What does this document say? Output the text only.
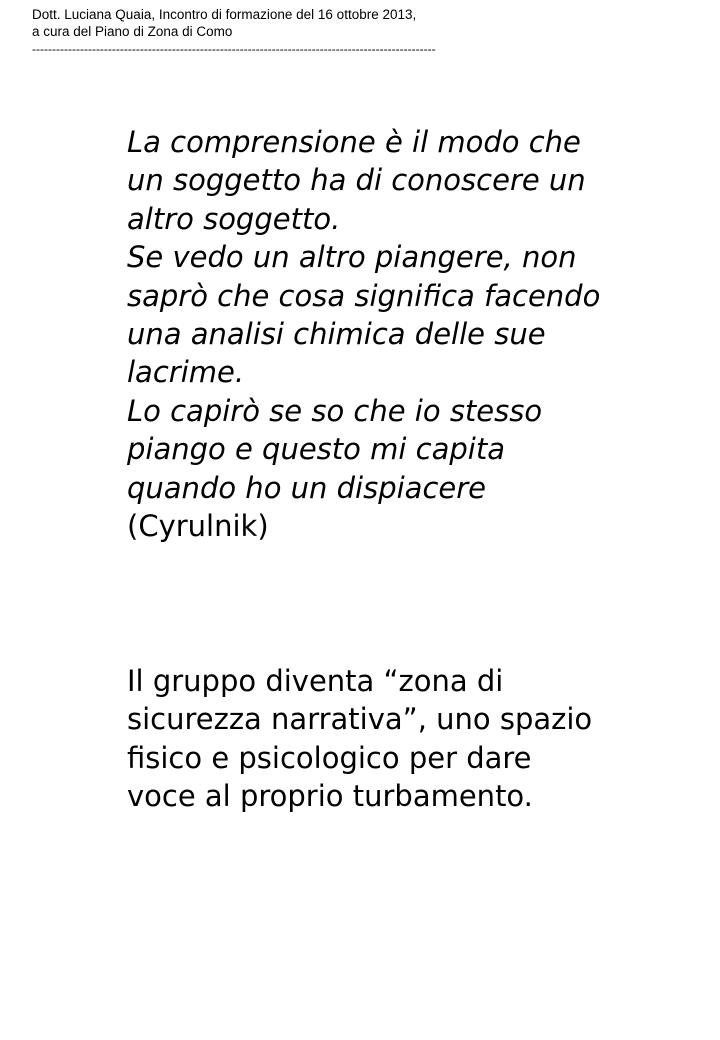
Dott. Luciana Quaia, Incontro di formazione del 16 ottobre 2013,
a cura del Piano di Zona di Como
-----------------------------------------------------------------------------------------------------
La comprensione è il modo che
un soggetto ha di conoscere un
altro soggetto.
Se vedo un altro piangere, non
saprò che cosa significa facendo
una analisi chimica delle sue
lacrime.
Lo capirò se so che io stesso
piango e questo mi capita
quando ho un dispiacere
(Cyrulnik)
Il gruppo diventa “zona di
sicurezza narrativa”, uno spazio
fisico e psicologico per dare
voce al proprio turbamento.
